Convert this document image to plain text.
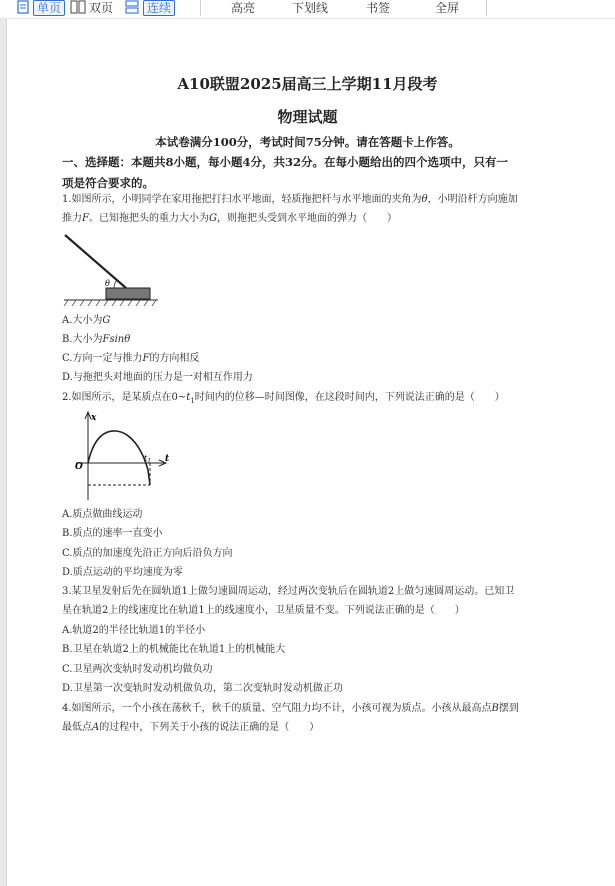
单页	双页	连续	高亮	下划线	书签	全屏
A10联盟2025届高三上学期11月段考
物理试题
本试卷满分100分，考试时间75分钟。请在答题卡上作答。
一、选择题：本题共8小题，每小题4分，共32分。在每小题给出的四个选项中，只有一
项是符合要求的。
1.如图所示，小明同学在家用拖把打扫水平地面，轻质拖把杆与水平地面的夹角为θ，小明沿杆方向施加
推力F。已知拖把头的重力大小为G，则拖把头受到水平地面的弹力（　　）
θ
A.大小为G
B.大小为Fsinθ
C.方向一定与推力F的方向相反
D.与拖把头对地面的压力是一对相互作用力
2.如图所示，是某质点在$0\sim t_1$时间内的位移—时间图像，在这段时间内，下列说法正确的是（　　）
x
t
O
$t_1$
A.质点做曲线运动
B.质点的速率一直变小
C.质点的加速度先沿正方向后沿负方向
D.质点运动的平均速度为零
3.某卫星发射后先在圆轨道1上做匀速圆周运动，经过两次变轨后在圆轨道2上做匀速圆周运动。已知卫
星在轨道2上的线速度比在轨道1上的线速度小，卫星质量不变。下列说法正确的是（　　）
A.轨道2的半径比轨道1的半径小
B.卫星在轨道2上的机械能比在轨道1上的机械能大
C.卫星两次变轨时发动机均做负功
D.卫星第一次变轨时发动机做负功，第二次变轨时发动机做正功
4.如图所示，一个小孩在荡秋千，秋千的质量、空气阻力均不计，小孩可视为质点。小孩从最高点B摆到
最低点A的过程中，下列关于小孩的说法正确的是（　　）
